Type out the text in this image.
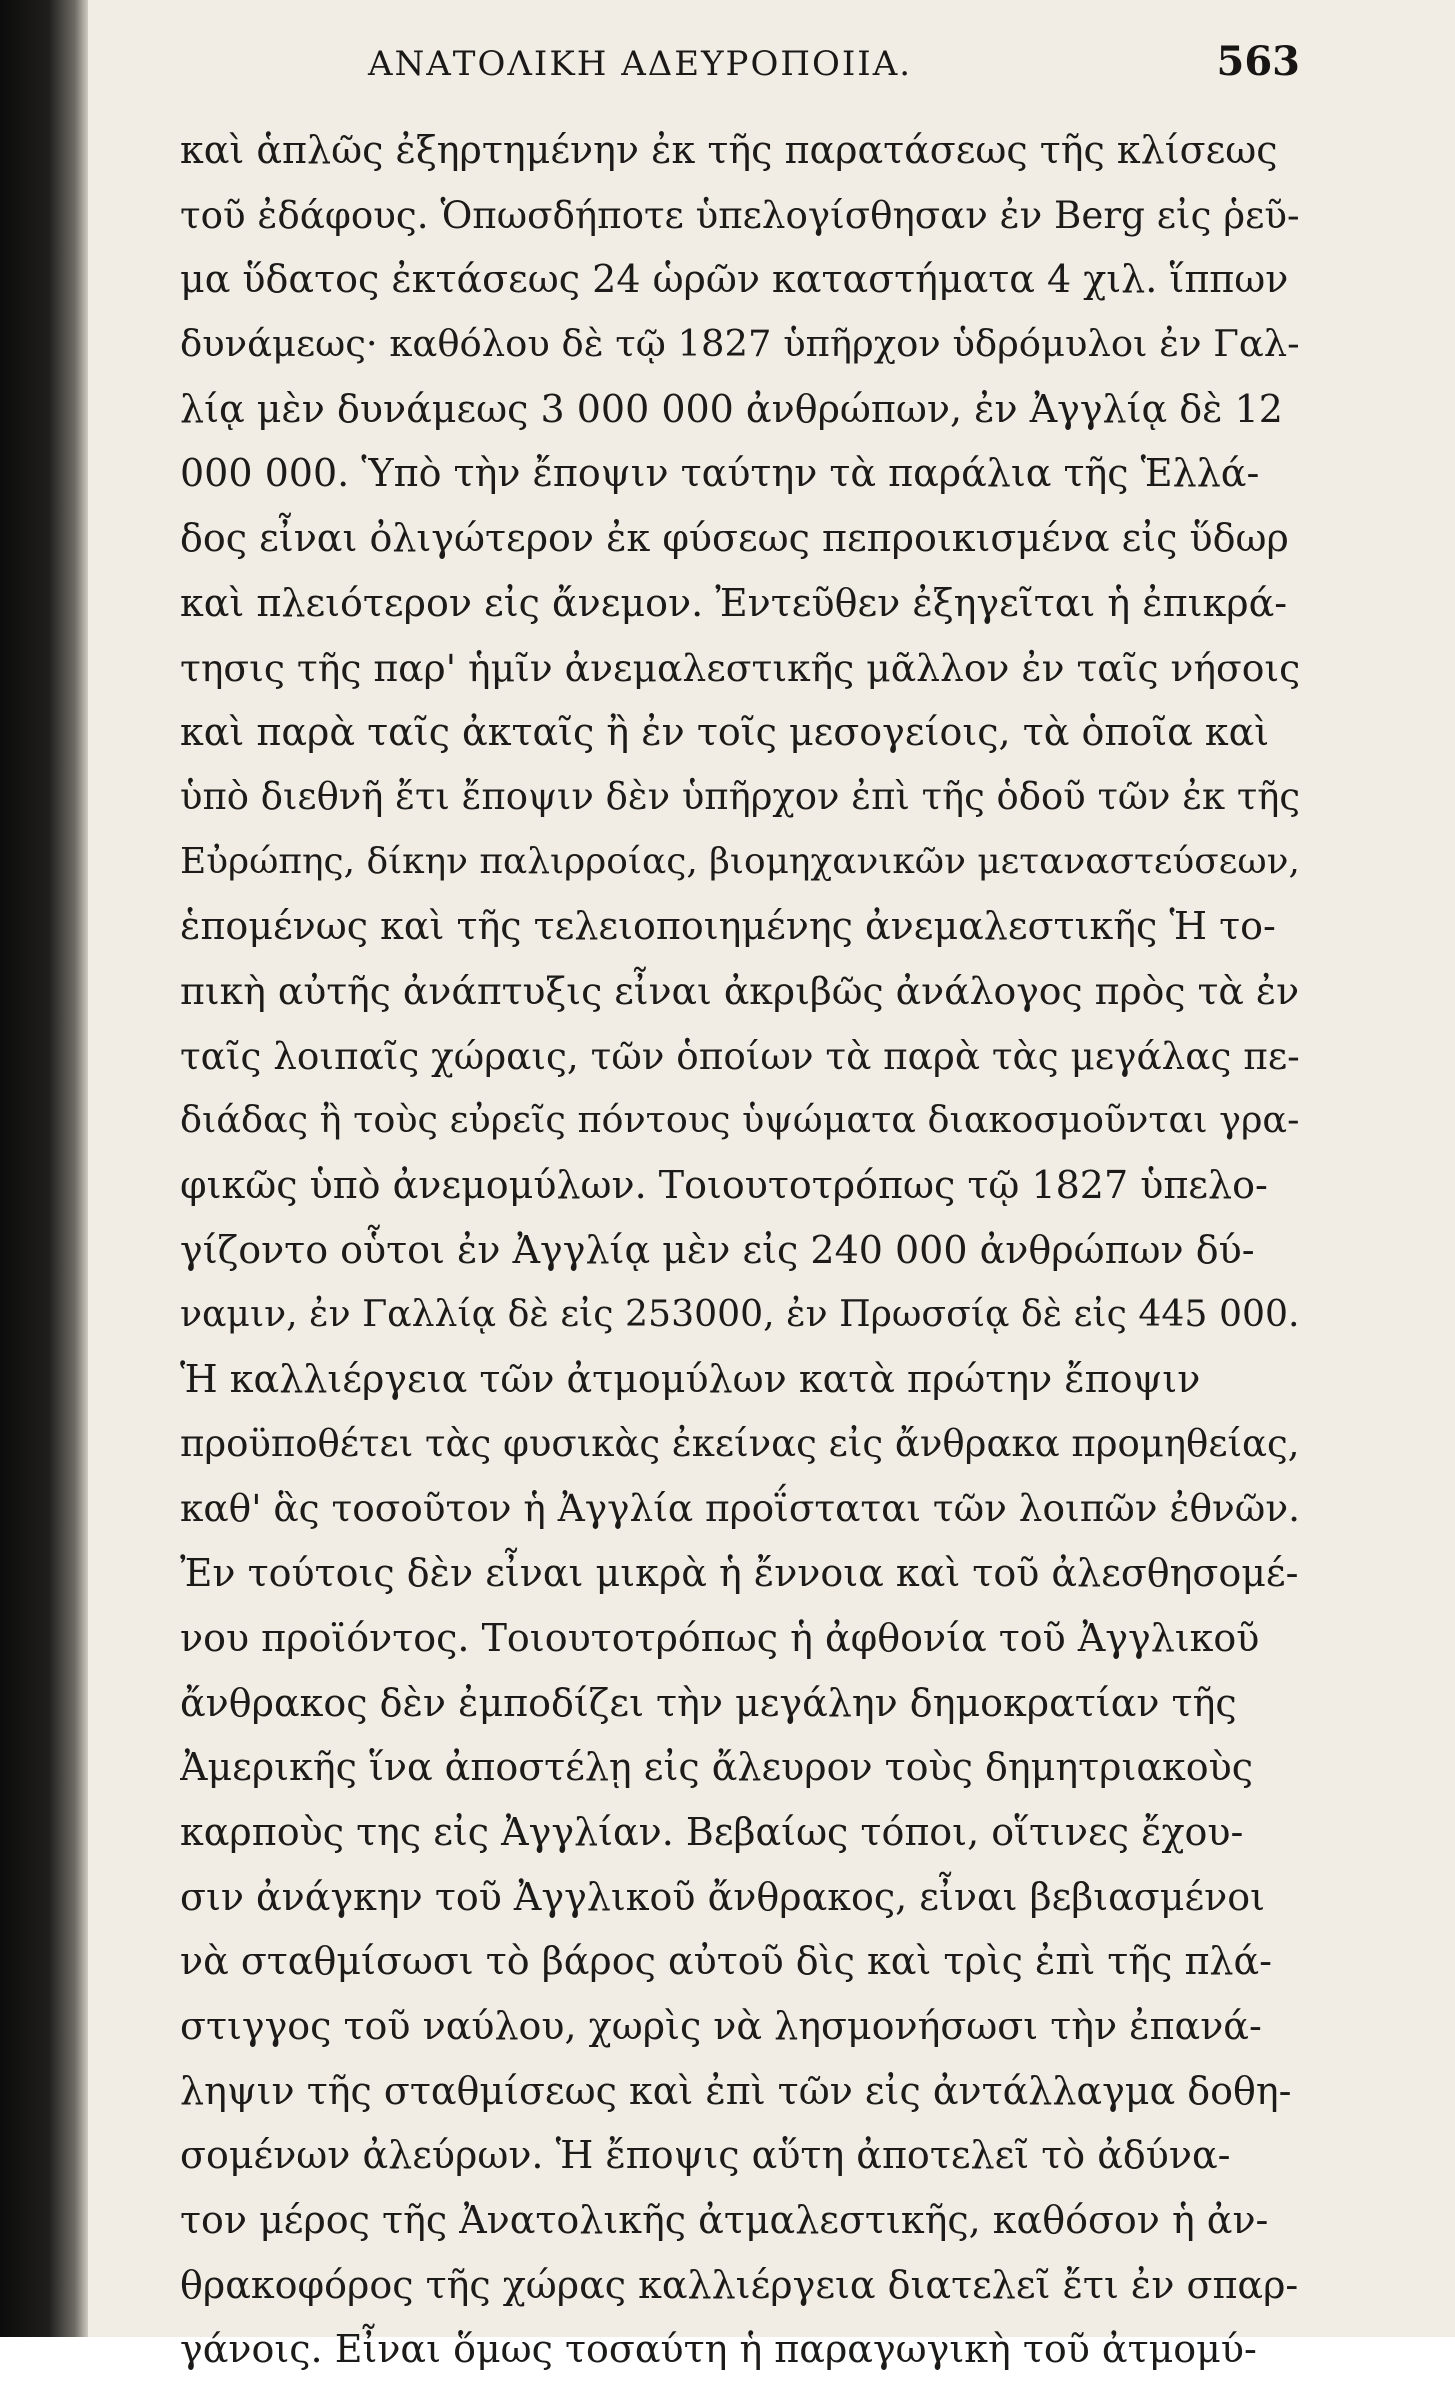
ΑΝΑΤΟΛΙΚΗ ΑΔΕΥΡΟΠΟΙΙΑ.	563
καὶ ἁπλῶς ἐξηρτημένην ἐκ τῆς παρατάσεως τῆς κλίσεως
τοῦ ἐδάφους. Ὁπωσδήποτε ὑπελογίσθησαν ἐν Berg εἰς ῥεῦ-
μα ὕδατος ἐκτάσεως 24 ὡρῶν καταστήματα 4 χιλ. ἵππων
δυνάμεως· καθόλου δὲ τῷ 1827 ὑπῆρχον ὑδρόμυλοι ἐν Γαλ-
λίᾳ μὲν δυνάμεως 3 000 000 ἀνθρώπων, ἐν Ἀγγλίᾳ δὲ 12
000 000. Ὑπὸ τὴν ἔποψιν ταύτην τὰ παράλια τῆς Ἑλλά-
δος εἶναι ὀλιγώτερον ἐκ φύσεως πεπροικισμένα εἰς ὕδωρ
καὶ πλειότερον εἰς ἄνεμον. Ἐντεῦθεν ἐξηγεῖται ἡ ἐπικρά-
τησις τῆς παρ' ἡμῖν ἀνεμαλεστικῆς μᾶλλον ἐν ταῖς νήσοις
καὶ παρὰ ταῖς ἀκταῖς ἢ ἐν τοῖς μεσογείοις, τὰ ὁποῖα καὶ
ὑπὸ διεθνῆ ἔτι ἔποψιν δὲν ὑπῆρχον ἐπὶ τῆς ὁδοῦ τῶν ἐκ τῆς
Εὐρώπης, δίκην παλιρροίας, βιομηχανικῶν μεταναστεύσεων,
ἑπομένως καὶ τῆς τελειοποιημένης ἀνεμαλεστικῆς Ἡ το-
πικὴ αὐτῆς ἀνάπτυξις εἶναι ἀκριβῶς ἀνάλογος πρὸς τὰ ἐν
ταῖς λοιπαῖς χώραις, τῶν ὁποίων τὰ παρὰ τὰς μεγάλας πε-
διάδας ἢ τοὺς εὐρεῖς πόντους ὑψώματα διακοσμοῦνται γρα-
φικῶς ὑπὸ ἀνεμομύλων. Τοιουτοτρόπως τῷ 1827 ὑπελο-
γίζοντο οὗτοι ἐν Ἀγγλίᾳ μὲν εἰς 240 000 ἀνθρώπων δύ-
ναμιν, ἐν Γαλλίᾳ δὲ εἰς 253000, ἐν Πρωσσίᾳ δὲ εἰς 445 000.
Ἡ καλλιέργεια τῶν ἀτμομύλων κατὰ πρώτην ἔποψιν
προϋποθέτει τὰς φυσικὰς ἐκείνας εἰς ἄνθρακα προμηθείας,
καθ' ἃς τοσοῦτον ἡ Ἀγγλία προΐσταται τῶν λοιπῶν ἐθνῶν.
Ἐν τούτοις δὲν εἶναι μικρὰ ἡ ἔννοια καὶ τοῦ ἀλεσθησομέ-
νου προϊόντος. Τοιουτοτρόπως ἡ ἀφθονία τοῦ Ἀγγλικοῦ
ἄνθρακος δὲν ἐμποδίζει τὴν μεγάλην δημοκρατίαν τῆς
Ἀμερικῆς ἵνα ἀποστέλῃ εἰς ἄλευρον τοὺς δημητριακοὺς
καρποὺς της εἰς Ἀγγλίαν. Βεβαίως τόποι, οἵτινες ἔχου-
σιν ἀνάγκην τοῦ Ἀγγλικοῦ ἄνθρακος, εἶναι βεβιασμένοι
νὰ σταθμίσωσι τὸ βάρος αὐτοῦ δὶς καὶ τρὶς ἐπὶ τῆς πλά-
στιγγος τοῦ ναύλου, χωρὶς νὰ λησμονήσωσι τὴν ἐπανά-
ληψιν τῆς σταθμίσεως καὶ ἐπὶ τῶν εἰς ἀντάλλαγμα δοθη-
σομένων ἀλεύρων. Ἡ ἔποψις αὕτη ἀποτελεῖ τὸ ἀδύνα-
τον μέρος τῆς Ἀνατολικῆς ἀτμαλεστικῆς, καθόσον ἡ ἀν-
θρακοφόρος τῆς χώρας καλλιέργεια διατελεῖ ἔτι ἐν σπαρ-
γάνοις. Εἶναι ὅμως τοσαύτη ἡ παραγωγικὴ τοῦ ἀτμομύ-
